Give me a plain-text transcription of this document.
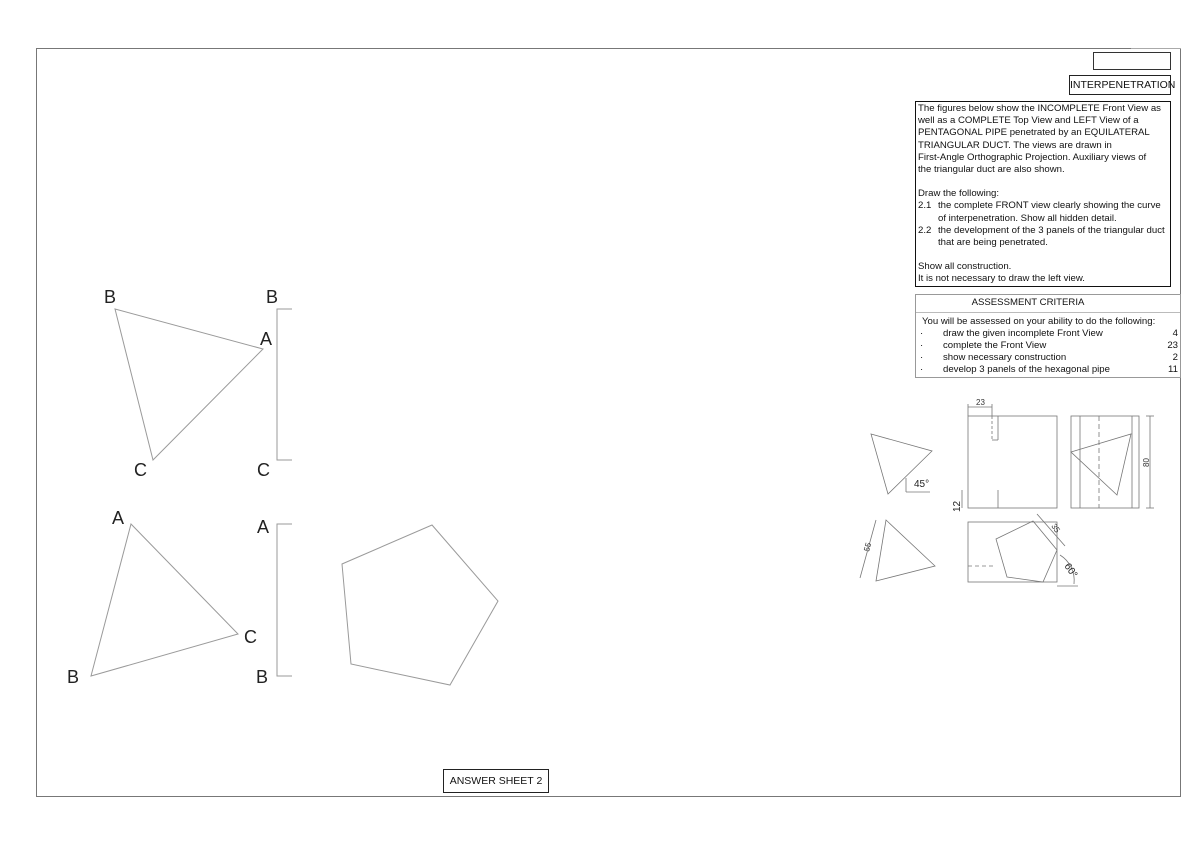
INTERPENETRATION

The figures below show the INCOMPLETE Front View as

well as a COMPLETE Top View and LEFT View of a

PENTAGONAL PIPE penetrated by an EQUILATERAL

TRIANGULAR DUCT. The views are drawn in

First-Angle Orthographic Projection. Auxiliary views of

the triangular duct are also shown.

Draw the following:

2.1 the complete FRONT view clearly showing the curve of interpenetration. Show all hidden detail.
2.2 the development of the 3 panels of the triangular duct that are being penetrated.

Show all construction.

It is not necessary to draw the left view.

ASSESSMENT CRITERIA
You will be assessed on your ability to do the following:
·	draw the given incomplete Front View	4
·	complete the Front View	23
·	show necessary construction	2
·	develop 3 panels of the hexagonal pipe	11
ANSWER SHEET 2
B
A
C
B
C
A
C
B
A
B
23
45°
12
55
35
60°
80
